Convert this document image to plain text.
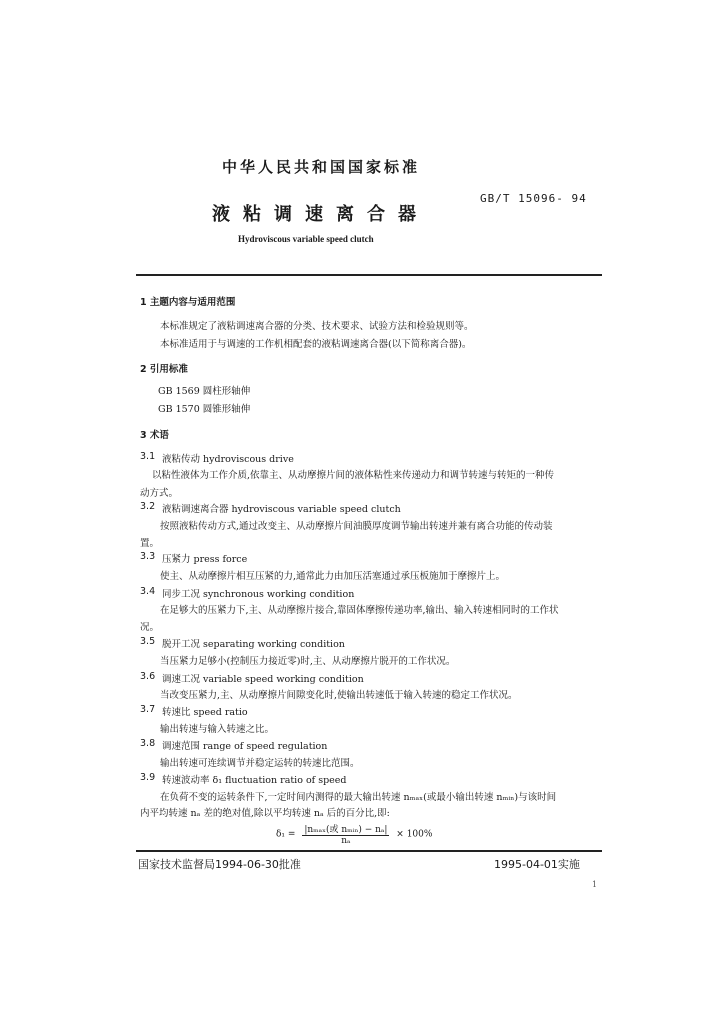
中华人民共和国国家标准
GB/T 15096- 94
液粘调速离合器
Hydroviscous variable speed clutch
1 主题内容与适用范围
本标准规定了液粘调速离合器的分类、技术要求、试验方法和检验规则等。
本标准适用于与调速的工作机相配套的液粘调速离合器(以下简称离合器)。
2 引用标准
GB 1569 圆柱形轴伸
GB 1570 圆锥形轴伸
3 术语
3.1 液粘传动 hydroviscous drive
以粘性液体为工作介质,依靠主、从动摩擦片间的液体粘性来传递动力和调节转速与转矩的一种传
动方式。
3.2 液粘调速离合器 hydroviscous variable speed clutch
按照液粘传动方式,通过改变主、从动摩擦片间油膜厚度调节输出转速并兼有离合功能的传动装
置。
3.3 压紧力 press force
使主、从动摩擦片相互压紧的力,通常此力由加压活塞通过承压板施加于摩擦片上。
3.4 同步工况 synchronous working condition
在足够大的压紧力下,主、从动摩擦片接合,靠固体摩擦传递功率,输出、输入转速相同时的工作状
况。
3.5 脱开工况 separating working condition
当压紧力足够小(控制压力接近零)时,主、从动摩擦片脱开的工作状况。
3.6 调速工况 variable speed working condition
当改变压紧力,主、从动摩擦片间隙变化时,使输出转速低于输入转速的稳定工作状况。
3.7 转速比 speed ratio
输出转速与输入转速之比。
3.8 调速范围 range of speed regulation
输出转速可连续调节并稳定运转的转速比范围。
3.9 转速波动率 δ₁ fluctuation ratio of speed
在负荷不变的运转条件下,一定时间内测得的最大输出转速 nₘₐₓ(或最小输出转速 nₘᵢₙ)与该时间
内平均转速 nₐ 差的绝对值,除以平均转速 nₐ 后的百分比,即:
$\delta_1 = \frac{\text{|nₘₐₓ(或 nₘᵢₙ) − nₐ|}}{\text{nₐ}} \times 100\%$
国家技术监督局1994-06-30批准	1995-04-01实施
1
